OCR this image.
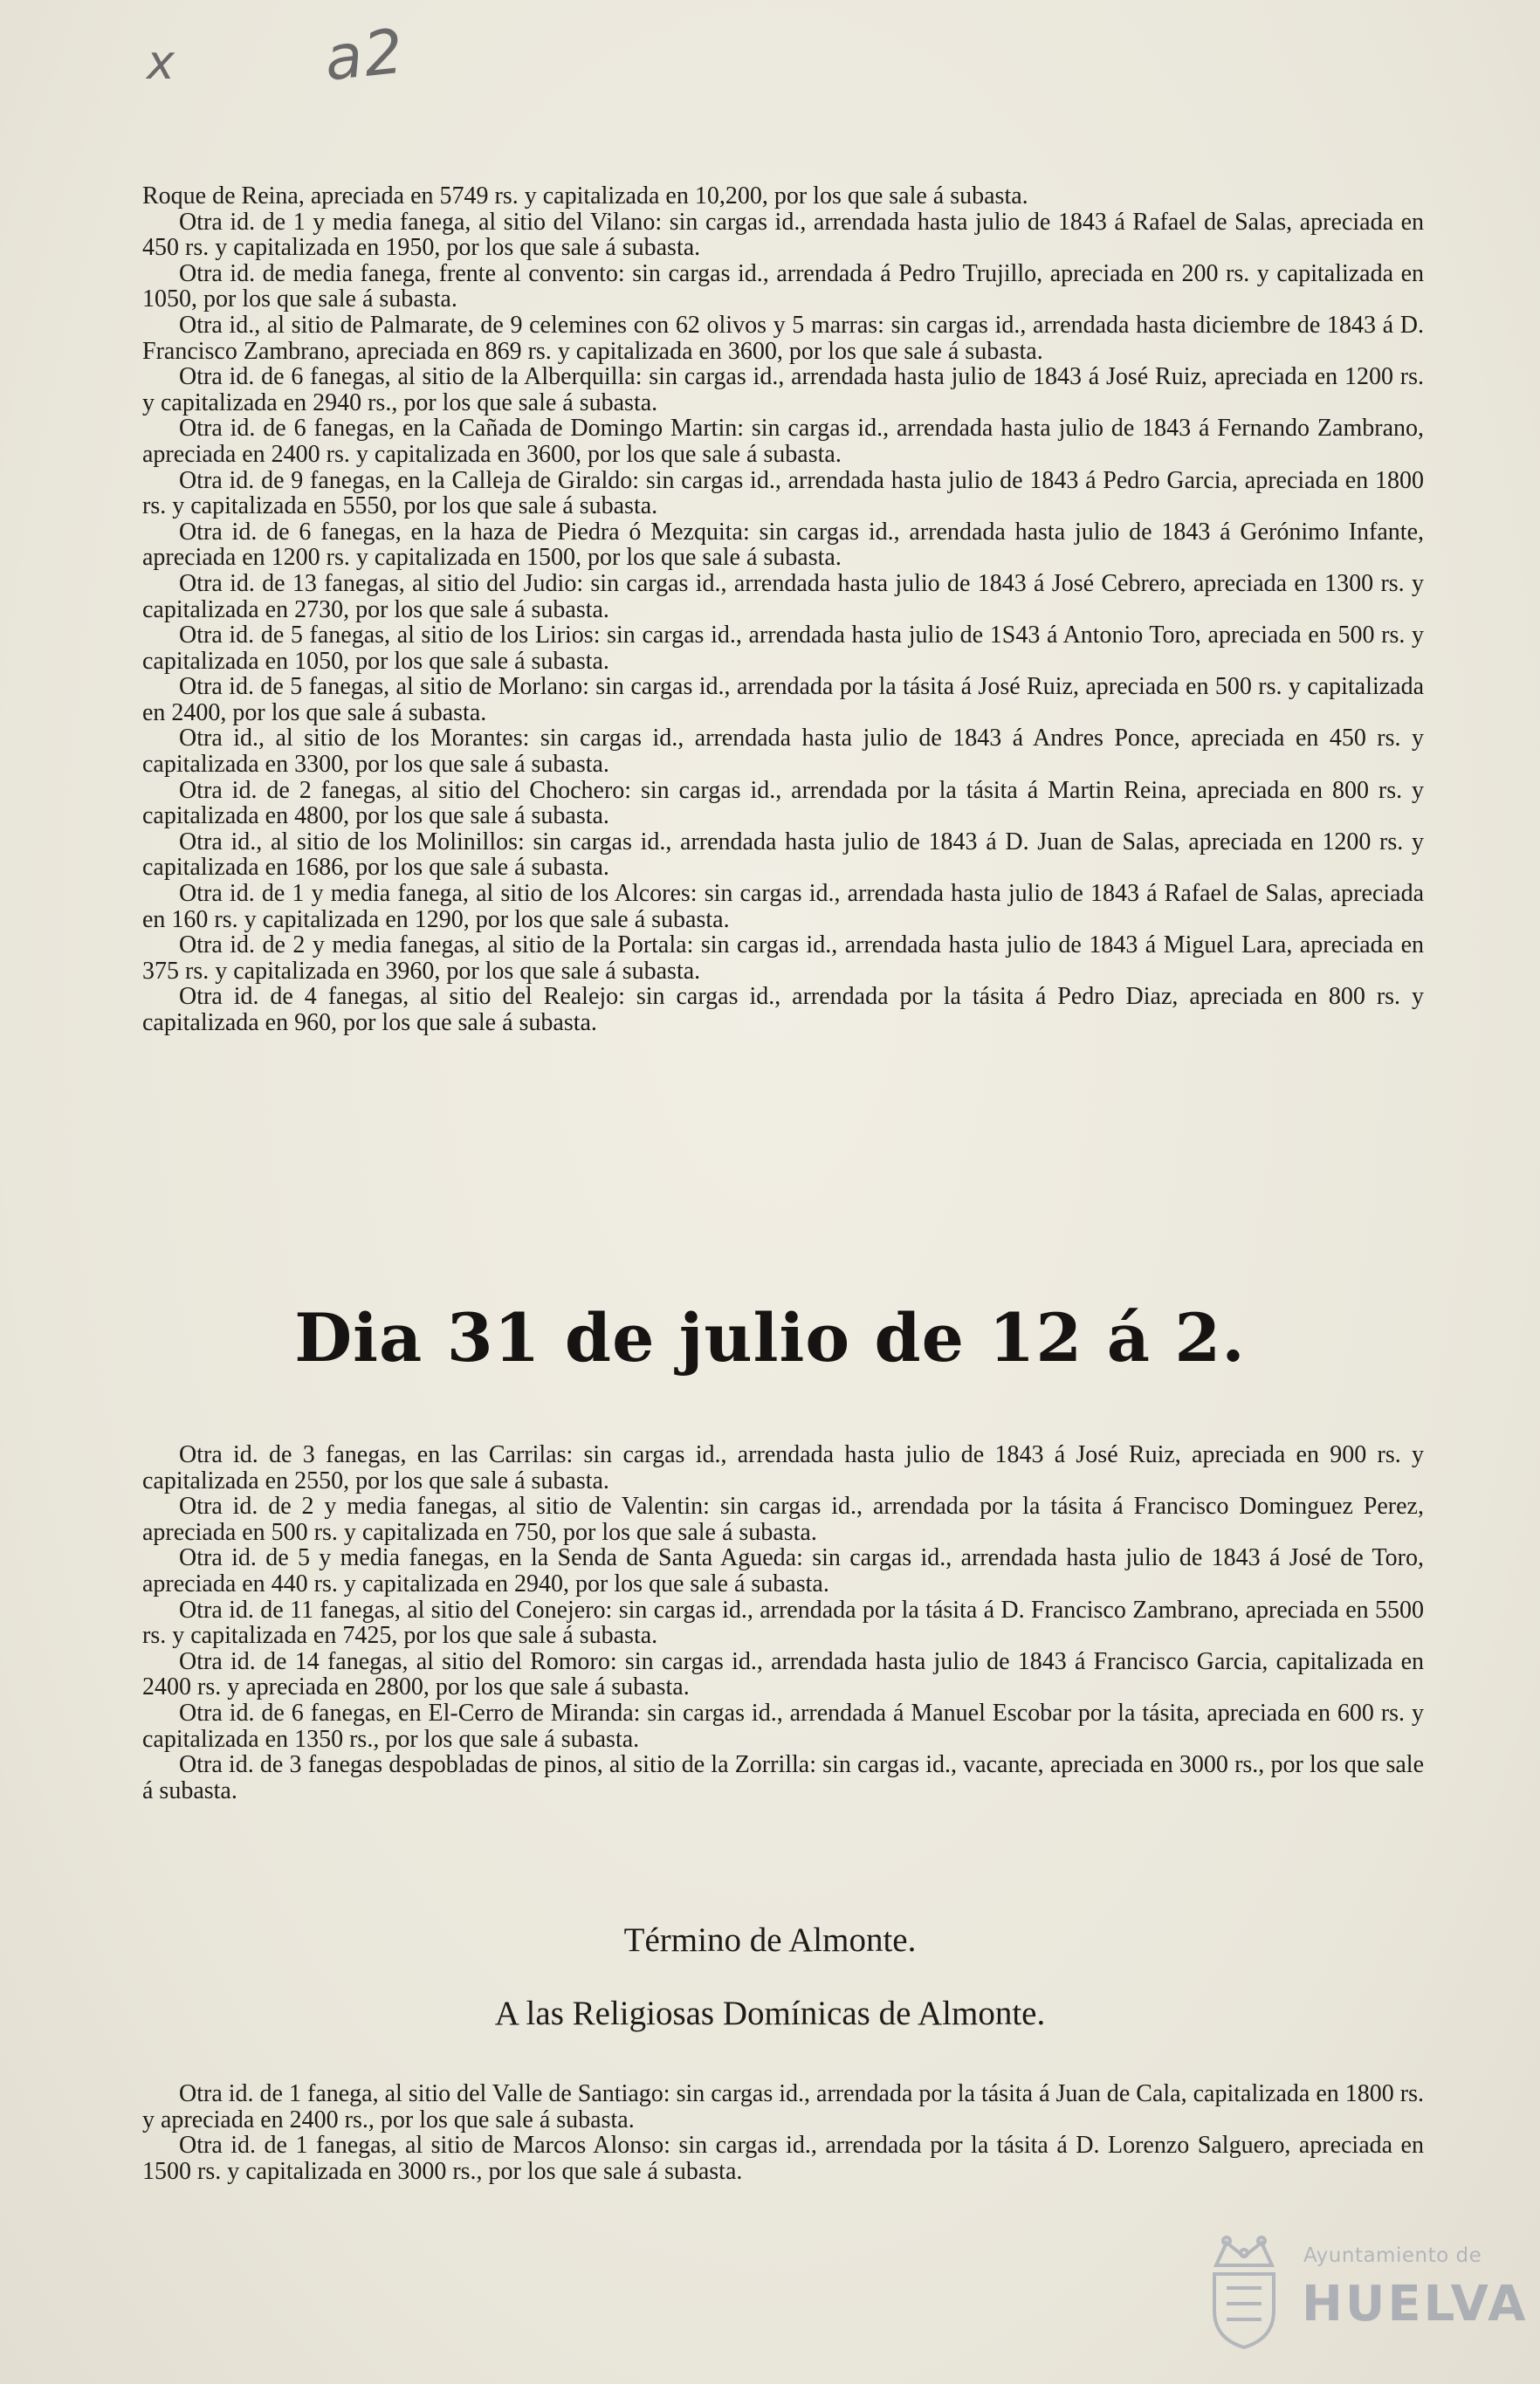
x a2

Roque de Reina, apreciada en 5749 rs. y capitalizada en 10,200, por los que sale á subasta.

Otra id. de 1 y media fanega, al sitio del Vilano: sin cargas id., arrendada hasta julio de 1843 á Rafael de Salas, apreciada en 450 rs. y capitalizada en 1950, por los que sale á subasta.

Otra id. de media fanega, frente al convento: sin cargas id., arrendada á Pedro Trujillo, apreciada en 200 rs. y capitalizada en 1050, por los que sale á subasta.

Otra id., al sitio de Palmarate, de 9 celemines con 62 olivos y 5 marras: sin cargas id., arrendada hasta diciembre de 1843 á D. Francisco Zambrano, apreciada en 869 rs. y capitalizada en 3600, por los que sale á subasta.

Otra id. de 6 fanegas, al sitio de la Alberquilla: sin cargas id., arrendada hasta julio de 1843 á José Ruiz, apreciada en 1200 rs. y capitalizada en 2940 rs., por los que sale á subasta.

Otra id. de 6 fanegas, en la Cañada de Domingo Martin: sin cargas id., arrendada hasta julio de 1843 á Fernando Zambrano, apreciada en 2400 rs. y capitalizada en 3600, por los que sale á subasta.

Otra id. de 9 fanegas, en la Calleja de Giraldo: sin cargas id., arrendada hasta julio de 1843 á Pedro Garcia, apreciada en 1800 rs. y capitalizada en 5550, por los que sale á subasta.

Otra id. de 6 fanegas, en la haza de Piedra ó Mezquita: sin cargas id., arrendada hasta julio de 1843 á Gerónimo Infante, apreciada en 1200 rs. y capitalizada en 1500, por los que sale á subasta.

Otra id. de 13 fanegas, al sitio del Judio: sin cargas id., arrendada hasta julio de 1843 á José Cebrero, apreciada en 1300 rs. y capitalizada en 2730, por los que sale á subasta.

Otra id. de 5 fanegas, al sitio de los Lirios: sin cargas id., arrendada hasta julio de 1S43 á Antonio Toro, apreciada en 500 rs. y capitalizada en 1050, por los que sale á subasta.

Otra id. de 5 fanegas, al sitio de Morlano: sin cargas id., arrendada por la tásita á José Ruiz, apreciada en 500 rs. y capitalizada en 2400, por los que sale á subasta.

Otra id., al sitio de los Morantes: sin cargas id., arrendada hasta julio de 1843 á Andres Ponce, apreciada en 450 rs. y capitalizada en 3300, por los que sale á subasta.

Otra id. de 2 fanegas, al sitio del Chochero: sin cargas id., arrendada por la tásita á Martin Reina, apreciada en 800 rs. y capitalizada en 4800, por los que sale á subasta.

Otra id., al sitio de los Molinillos: sin cargas id., arrendada hasta julio de 1843 á D. Juan de Salas, apreciada en 1200 rs. y capitalizada en 1686, por los que sale á subasta.

Otra id. de 1 y media fanega, al sitio de los Alcores: sin cargas id., arrendada hasta julio de 1843 á Rafael de Salas, apreciada en 160 rs. y capitalizada en 1290, por los que sale á subasta.

Otra id. de 2 y media fanegas, al sitio de la Portala: sin cargas id., arrendada hasta julio de 1843 á Miguel Lara, apreciada en 375 rs. y capitalizada en 3960, por los que sale á subasta.

Otra id. de 4 fanegas, al sitio del Realejo: sin cargas id., arrendada por la tásita á Pedro Diaz, apreciada en 800 rs. y capitalizada en 960, por los que sale á subasta.

Dia 31 de julio de 12 á 2.

Otra id. de 3 fanegas, en las Carrilas: sin cargas id., arrendada hasta julio de 1843 á José Ruiz, apreciada en 900 rs. y capitalizada en 2550, por los que sale á subasta.

Otra id. de 2 y media fanegas, al sitio de Valentin: sin cargas id., arrendada por la tásita á Francisco Dominguez Perez, apreciada en 500 rs. y capitalizada en 750, por los que sale á subasta.

Otra id. de 5 y media fanegas, en la Senda de Santa Agueda: sin cargas id., arrendada hasta julio de 1843 á José de Toro, apreciada en 440 rs. y capitalizada en 2940, por los que sale á subasta.

Otra id. de 11 fanegas, al sitio del Conejero: sin cargas id., arrendada por la tásita á D. Francisco Zambrano, apreciada en 5500 rs. y capitalizada en 7425, por los que sale á subasta.

Otra id. de 14 fanegas, al sitio del Romoro: sin cargas id., arrendada hasta julio de 1843 á Francisco Garcia, capitalizada en 2400 rs. y apreciada en 2800, por los que sale á subasta.

Otra id. de 6 fanegas, en El-Cerro de Miranda: sin cargas id., arrendada á Manuel Escobar por la tásita, apreciada en 600 rs. y capitalizada en 1350 rs., por los que sale á subasta.

Otra id. de 3 fanegas despobladas de pinos, al sitio de la Zorrilla: sin cargas id., vacante, apreciada en 3000 rs., por los que sale á subasta.

Término de Almonte.
A las Religiosas Domínicas de Almonte.

Otra id. de 1 fanega, al sitio del Valle de Santiago: sin cargas id., arrendada por la tásita á Juan de Cala, capitalizada en 1800 rs. y apreciada en 2400 rs., por los que sale á subasta.

Otra id. de 1 fanegas, al sitio de Marcos Alonso: sin cargas id., arrendada por la tásita á D. Lorenzo Salguero, apreciada en 1500 rs. y capitalizada en 3000 rs., por los que sale á subasta.

Ayuntamiento de
HUELVA
